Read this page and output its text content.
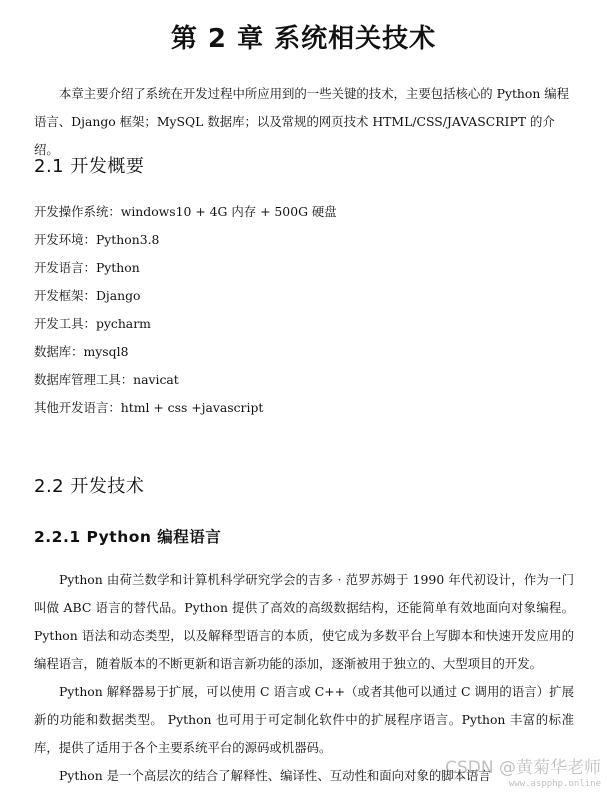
第 2 章 系统相关技术
本章主要介绍了系统在开发过程中所应用到的一些关键的技术，主要包括核心的 Python 编程语言、Django 框架；MySQL 数据库；以及常规的网页技术 HTML/CSS/JAVASCRIPT 的介绍。
2.1 开发概要
开发操作系统：windows10 + 4G 内存 + 500G 硬盘
开发环境：Python3.8
开发语言：Python
开发框架：Django
开发工具：pycharm
数据库：mysql8
数据库管理工具：navicat
其他开发语言：html + css +javascript
2.2 开发技术
2.2.1 Python 编程语言

Python 由荷兰数学和计算机科学研究学会的吉多 · 范罗苏姆于 1990 年代初设计，作为一门叫做 ABC 语言的替代品。Python 提供了高效的高级数据结构，还能简单有效地面向对象编程。Python 语法和动态类型，以及解释型语言的本质，使它成为多数平台上写脚本和快速开发应用的编程语言，随着版本的不断更新和语言新功能的添加，逐渐被用于独立的、大型项目的开发。

Python 解释器易于扩展，可以使用 C 语言或 C++（或者其他可以通过 C 调用的语言）扩展新的功能和数据类型。 Python 也可用于可定制化软件中的扩展程序语言。Python 丰富的标准库，提供了适用于各个主要系统平台的源码或机器码。

Python 是一个高层次的结合了解释性、编译性、互动性和面向对象的脚本语言

CSDN @黄菊华老师
www.aspphp.online
